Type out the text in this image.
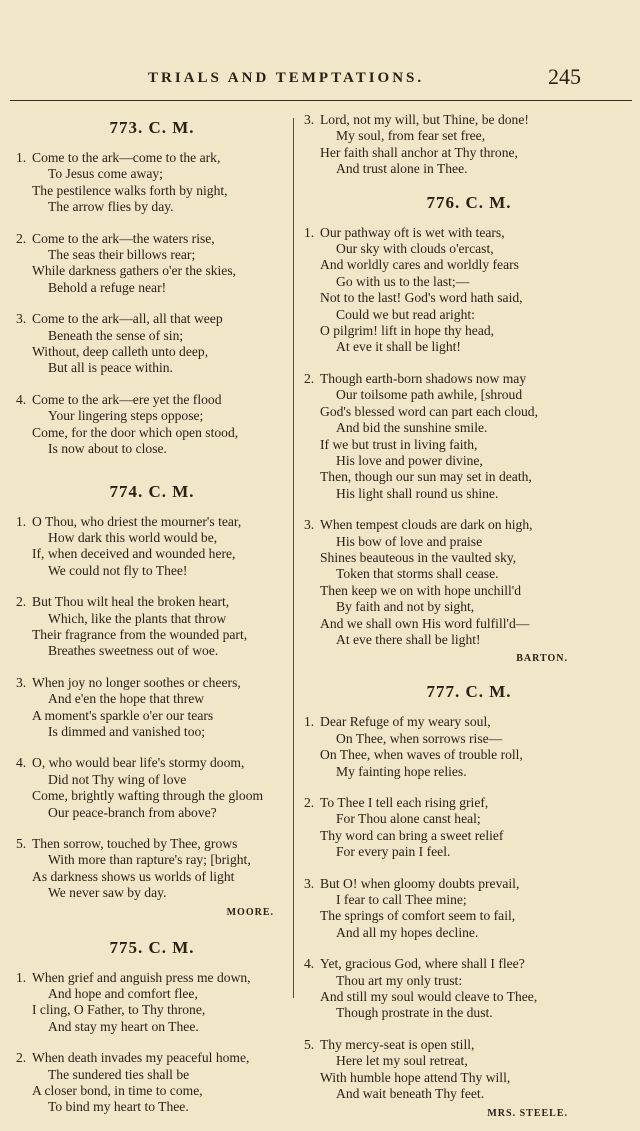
TRIALS AND TEMPTATIONS.	245
773. C. M.
1. Come to the ark—come to the ark,
To Jesus come away;
The pestilence walks forth by night,
The arrow flies by day.
2. Come to the ark—the waters rise,
The seas their billows rear;
While darkness gathers o'er the skies,
Behold a refuge near!
3. Come to the ark—all, all that weep
Beneath the sense of sin;
Without, deep calleth unto deep,
But all is peace within.
4. Come to the ark—ere yet the flood
Your lingering steps oppose;
Come, for the door which open stood,
Is now about to close.
774. C. M.
1. O Thou, who driest the mourner's tear,
How dark this world would be,
If, when deceived and wounded here,
We could not fly to Thee!
2. But Thou wilt heal the broken heart,
Which, like the plants that throw
Their fragrance from the wounded part,
Breathes sweetness out of woe.
3. When joy no longer soothes or cheers,
And e'en the hope that threw
A moment's sparkle o'er our tears
Is dimmed and vanished too;
4. O, who would bear life's stormy doom,
Did not Thy wing of love
Come, brightly wafting through the gloom
Our peace-branch from above?
5. Then sorrow, touched by Thee, grows
With more than rapture's ray; [bright,
As darkness shows us worlds of light
We never saw by day.
MOORE.
775. C. M.
1. When grief and anguish press me down,
And hope and comfort flee,
I cling, O Father, to Thy throne,
And stay my heart on Thee.
2. When death invades my peaceful home,
The sundered ties shall be
A closer bond, in time to come,
To bind my heart to Thee.
3. Lord, not my will, but Thine, be done!
My soul, from fear set free,
Her faith shall anchor at Thy throne,
And trust alone in Thee.
776. C. M.
1. Our pathway oft is wet with tears,
Our sky with clouds o'ercast,
And worldly cares and worldly fears
Go with us to the last;—
Not to the last! God's word hath said,
Could we but read aright:
O pilgrim! lift in hope thy head,
At eve it shall be light!
2. Though earth-born shadows now may
Our toilsome path awhile, [shroud
God's blessed word can part each cloud,
And bid the sunshine smile.
If we but trust in living faith,
His love and power divine,
Then, though our sun may set in death,
His light shall round us shine.
3. When tempest clouds are dark on high,
His bow of love and praise
Shines beauteous in the vaulted sky,
Token that storms shall cease.
Then keep we on with hope unchill'd
By faith and not by sight,
And we shall own His word fulfill'd—
At eve there shall be light!
BARTON.
777. C. M.
1. Dear Refuge of my weary soul,
On Thee, when sorrows rise—
On Thee, when waves of trouble roll,
My fainting hope relies.
2. To Thee I tell each rising grief,
For Thou alone canst heal;
Thy word can bring a sweet relief
For every pain I feel.
3. But O! when gloomy doubts prevail,
I fear to call Thee mine;
The springs of comfort seem to fail,
And all my hopes decline.
4. Yet, gracious God, where shall I flee?
Thou art my only trust:
And still my soul would cleave to Thee,
Though prostrate in the dust.
5. Thy mercy-seat is open still,
Here let my soul retreat,
With humble hope attend Thy will,
And wait beneath Thy feet.
MRS. STEELE.
